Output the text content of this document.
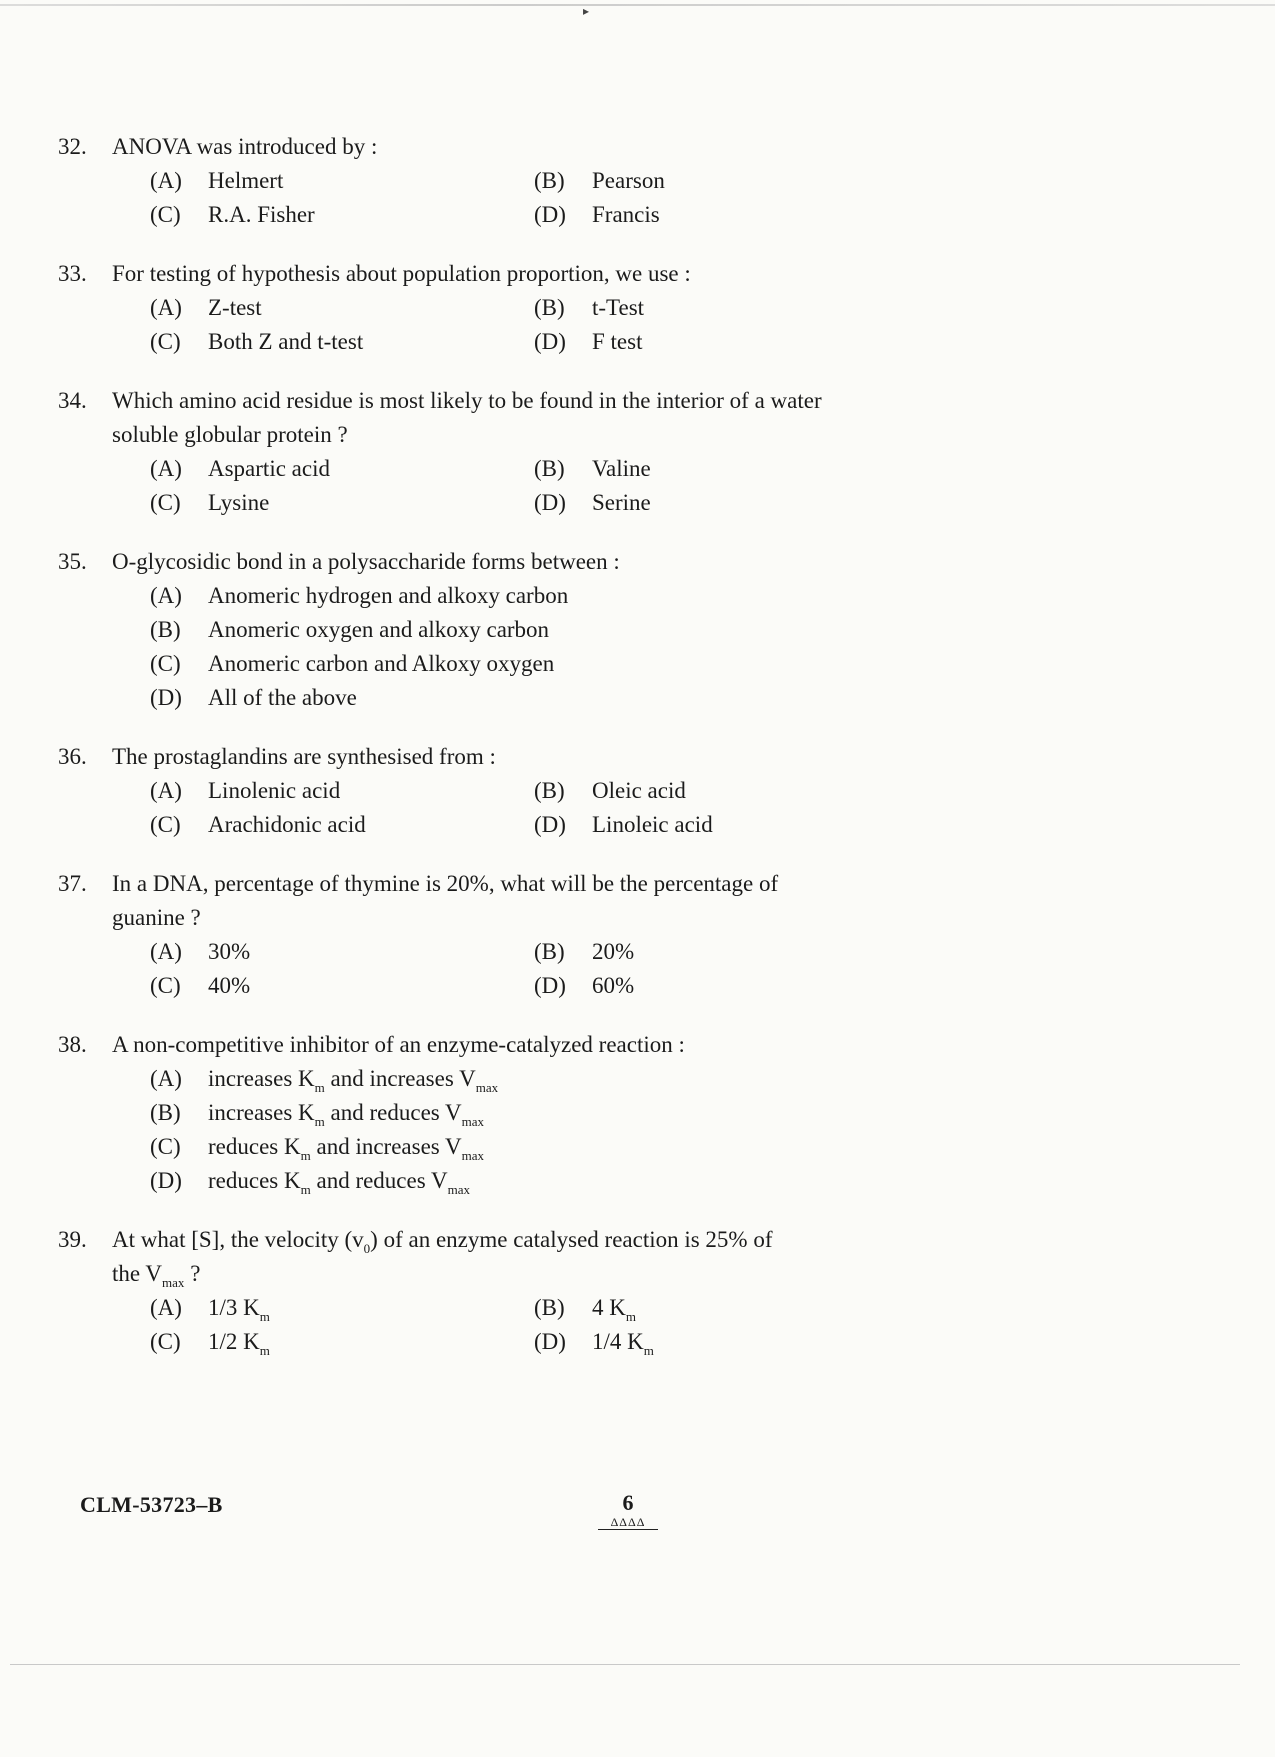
▸
32.	ANOVA was introduced by :
(A)	Helmert	(B)	Pearson
(C)	R.A. Fisher	(D)	Francis
33.	For testing of hypothesis about population proportion, we use :
(A)	Z-test	(B)	t-Test
(C)	Both Z and t-test	(D)	F test
34.	Which amino acid residue is most likely to be found in the interior of a water
soluble globular protein ?
(A)	Aspartic acid	(B)	Valine
(C)	Lysine	(D)	Serine
35.	O-glycosidic bond in a polysaccharide forms between :
(A)	Anomeric hydrogen and alkoxy carbon
(B)	Anomeric oxygen and alkoxy carbon
(C)	Anomeric carbon and Alkoxy oxygen
(D)	All of the above
36.	The prostaglandins are synthesised from :
(A)	Linolenic acid	(B)	Oleic acid
(C)	Arachidonic acid	(D)	Linoleic acid
37.	In a DNA, percentage of thymine is 20%, what will be the percentage of
guanine ?
(A)	30%	(B)	20%
(C)	40%	(D)	60%
38.	A non-competitive inhibitor of an enzyme-catalyzed reaction :
(A)	increases $K_m$ and increases $V_{max}$
(B)	increases $K_m$ and reduces $V_{max}$
(C)	reduces $K_m$ and increases $V_{max}$
(D)	reduces $K_m$ and reduces $V_{max}$
39.	At what [S], the velocity $(v_0)$ of an enzyme catalysed reaction is 25% of
the $V_{max}$ ?
(A)	1/3 $K_m$	(B)	4 $K_m$
(C)	1/2 $K_m$	(D)	1/4 $K_m$
CLM-53723–B	6
ΔΔΔΔ
